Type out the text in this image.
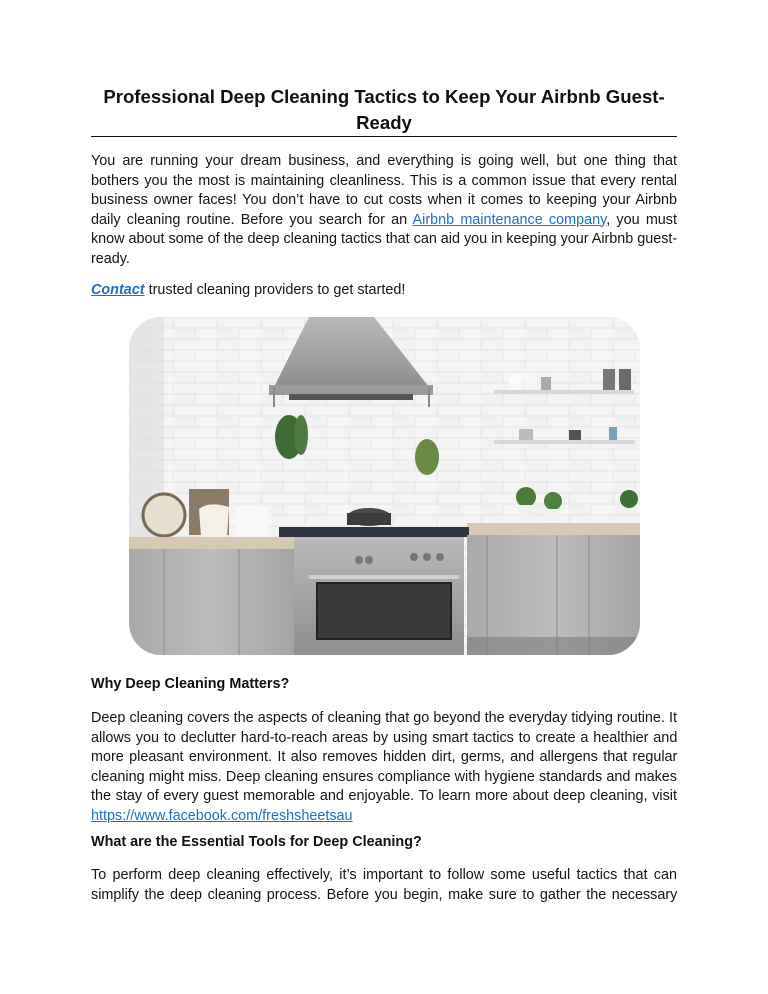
Professional Deep Cleaning Tactics to Keep Your Airbnb Guest-
Ready
You are running your dream business, and everything is going well, but one thing that
bothers you the most is maintaining cleanliness. This is a common issue that every rental
business owner faces! You don’t have to cut costs when it comes to keeping your Airbnb
daily cleaning routine. Before you search for an Airbnb maintenance company, you must
know about some of the deep cleaning tactics that can aid you in keeping your Airbnb guest-
ready.
Contact trusted cleaning providers to get started!
Why Deep Cleaning Matters?
Deep cleaning covers the aspects of cleaning that go beyond the everyday tidying routine. It
allows you to declutter hard-to-reach areas by using smart tactics to create a healthier and
more pleasant environment. It also removes hidden dirt, germs, and allergens that regular
cleaning might miss. Deep cleaning ensures compliance with hygiene standards and makes
the stay of every guest memorable and enjoyable. To learn more about deep cleaning, visit
https://www.facebook.com/freshsheetsau
What are the Essential Tools for Deep Cleaning?
To perform deep cleaning effectively, it’s important to follow some useful tactics that can
simplify the deep cleaning process. Before you begin, make sure to gather the necessary
